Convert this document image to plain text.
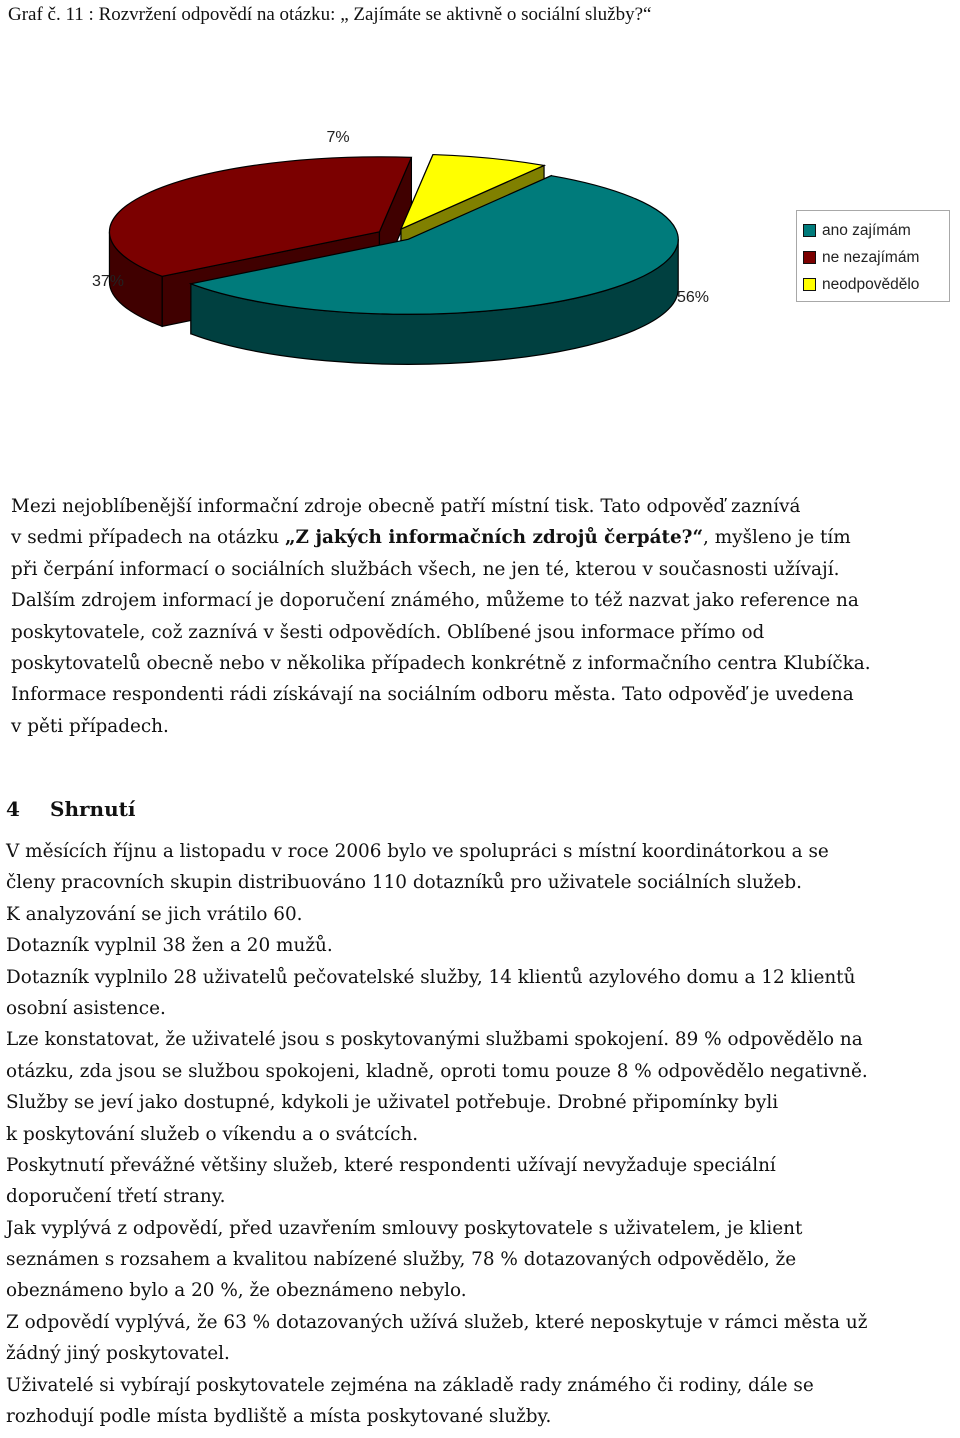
Graf č. 11 : Rozvržení odpovědí na otázku: „ Zajímáte se aktivně o sociální služby?“
56%
37%
7%
ano zajímám
ne nezajímám
neodpovědělo
Mezi nejoblíbenější informační zdroje obecně patří místní tisk. Tato odpověď zaznívá
v sedmi případech na otázku „Z jakých informačních zdrojů čerpáte?“, myšleno je tím
při čerpání informací o sociálních službách všech, ne jen té, kterou v současnosti užívají.
Dalším zdrojem informací je doporučení známého, můžeme to též nazvat jako reference na
poskytovatele, což zaznívá v šesti odpovědích. Oblíbené jsou informace přímo od
poskytovatelů obecně nebo v několika případech konkrétně z informačního centra Klubíčka.
Informace respondenti rádi získávají na sociálním odboru města. Tato odpověď je uvedena
v pěti případech.
4 Shrnutí
V měsících říjnu a listopadu v roce 2006 bylo ve spolupráci s místní koordinátorkou a se
členy pracovních skupin distribuováno 110 dotazníků pro uživatele sociálních služeb.
K analyzování se jich vrátilo 60.
Dotazník vyplnil 38 žen a 20 mužů.
Dotazník vyplnilo 28 uživatelů pečovatelské služby, 14 klientů azylového domu a 12 klientů
osobní asistence.
Lze konstatovat, že uživatelé jsou s poskytovanými službami spokojení. 89 % odpovědělo na
otázku, zda jsou se službou spokojeni, kladně, oproti tomu pouze 8 % odpovědělo negativně.
Služby se jeví jako dostupné, kdykoli je uživatel potřebuje. Drobné připomínky byli
k poskytování služeb o víkendu a o svátcích.
Poskytnutí převážné většiny služeb, které respondenti užívají nevyžaduje speciální
doporučení třetí strany.
Jak vyplývá z odpovědí, před uzavřením smlouvy poskytovatele s uživatelem, je klient
seznámen s rozsahem a kvalitou nabízené služby, 78 % dotazovaných odpovědělo, že
obeznámeno bylo a 20 %, že obeznámeno nebylo.
Z odpovědí vyplývá, že 63 % dotazovaných užívá služeb, které neposkytuje v rámci města už
žádný jiný poskytovatel.
Uživatelé si vybírají poskytovatele zejména na základě rady známého či rodiny, dále se
rozhodují podle místa bydliště a místa poskytované služby.
